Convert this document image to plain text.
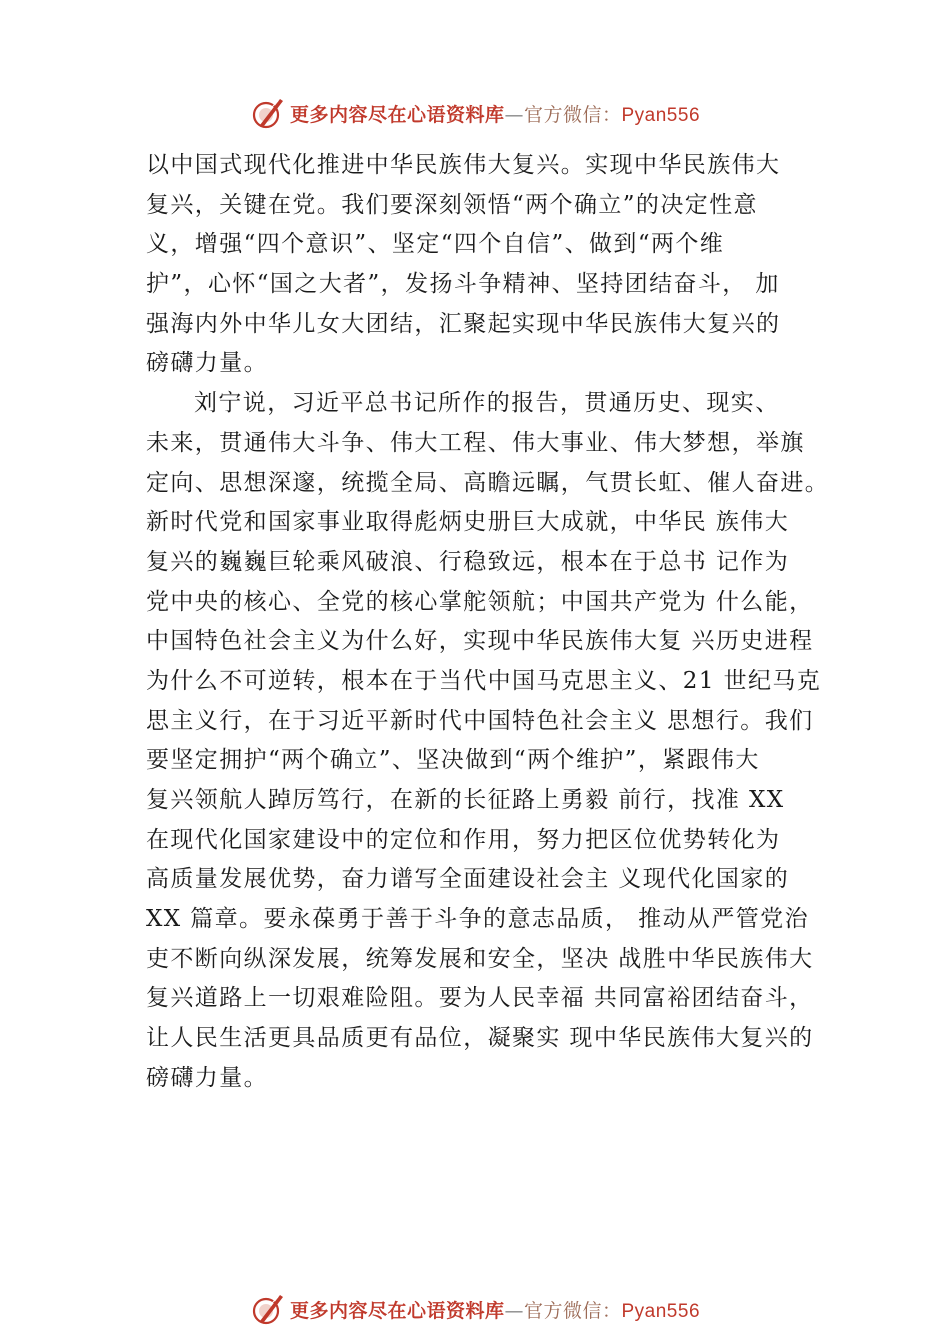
更多内容尽在心语资料库—官方微信：Pyan556
以中国式现代化推进中华民族伟大复兴。实现中华民族伟大
复兴，关键在党。我们要深刻领悟“两个确立”的决定性意
义，增强“四个意识”、坚定“四个自信”、做到“两个维
护”，心怀“国之大者”，发扬斗争精神、坚持团结奋斗， 加
强海内外中华儿女大团结，汇聚起实现中华民族伟大复兴的
磅礴力量。
刘宁说，习近平总书记所作的报告，贯通历史、现实、
未来，贯通伟大斗争、伟大工程、伟大事业、伟大梦想，举旗
定向、思想深邃，统揽全局、高瞻远瞩，气贯长虹、催人奋进。
新时代党和国家事业取得彪炳史册巨大成就，中华民 族伟大
复兴的巍巍巨轮乘风破浪、行稳致远，根本在于总书 记作为
党中央的核心、全党的核心掌舵领航；中国共产党为 什么能，
中国特色社会主义为什么好，实现中华民族伟大复 兴历史进程
为什么不可逆转，根本在于当代中国马克思主义、21 世纪马克
思主义行，在于习近平新时代中国特色社会主义 思想行。我们
要坚定拥护“两个确立”、坚决做到“两个维护”，紧跟伟大
复兴领航人踔厉笃行，在新的长征路上勇毅 前行，找准 XX
在现代化国家建设中的定位和作用，努力把区位优势转化为
高质量发展优势，奋力谱写全面建设社会主 义现代化国家的
XX 篇章。要永葆勇于善于斗争的意志品质， 推动从严管党治
吏不断向纵深发展，统筹发展和安全，坚决 战胜中华民族伟大
复兴道路上一切艰难险阻。要为人民幸福 共同富裕团结奋斗，
让人民生活更具品质更有品位，凝聚实 现中华民族伟大复兴的
磅礴力量。
更多内容尽在心语资料库—官方微信：Pyan556
